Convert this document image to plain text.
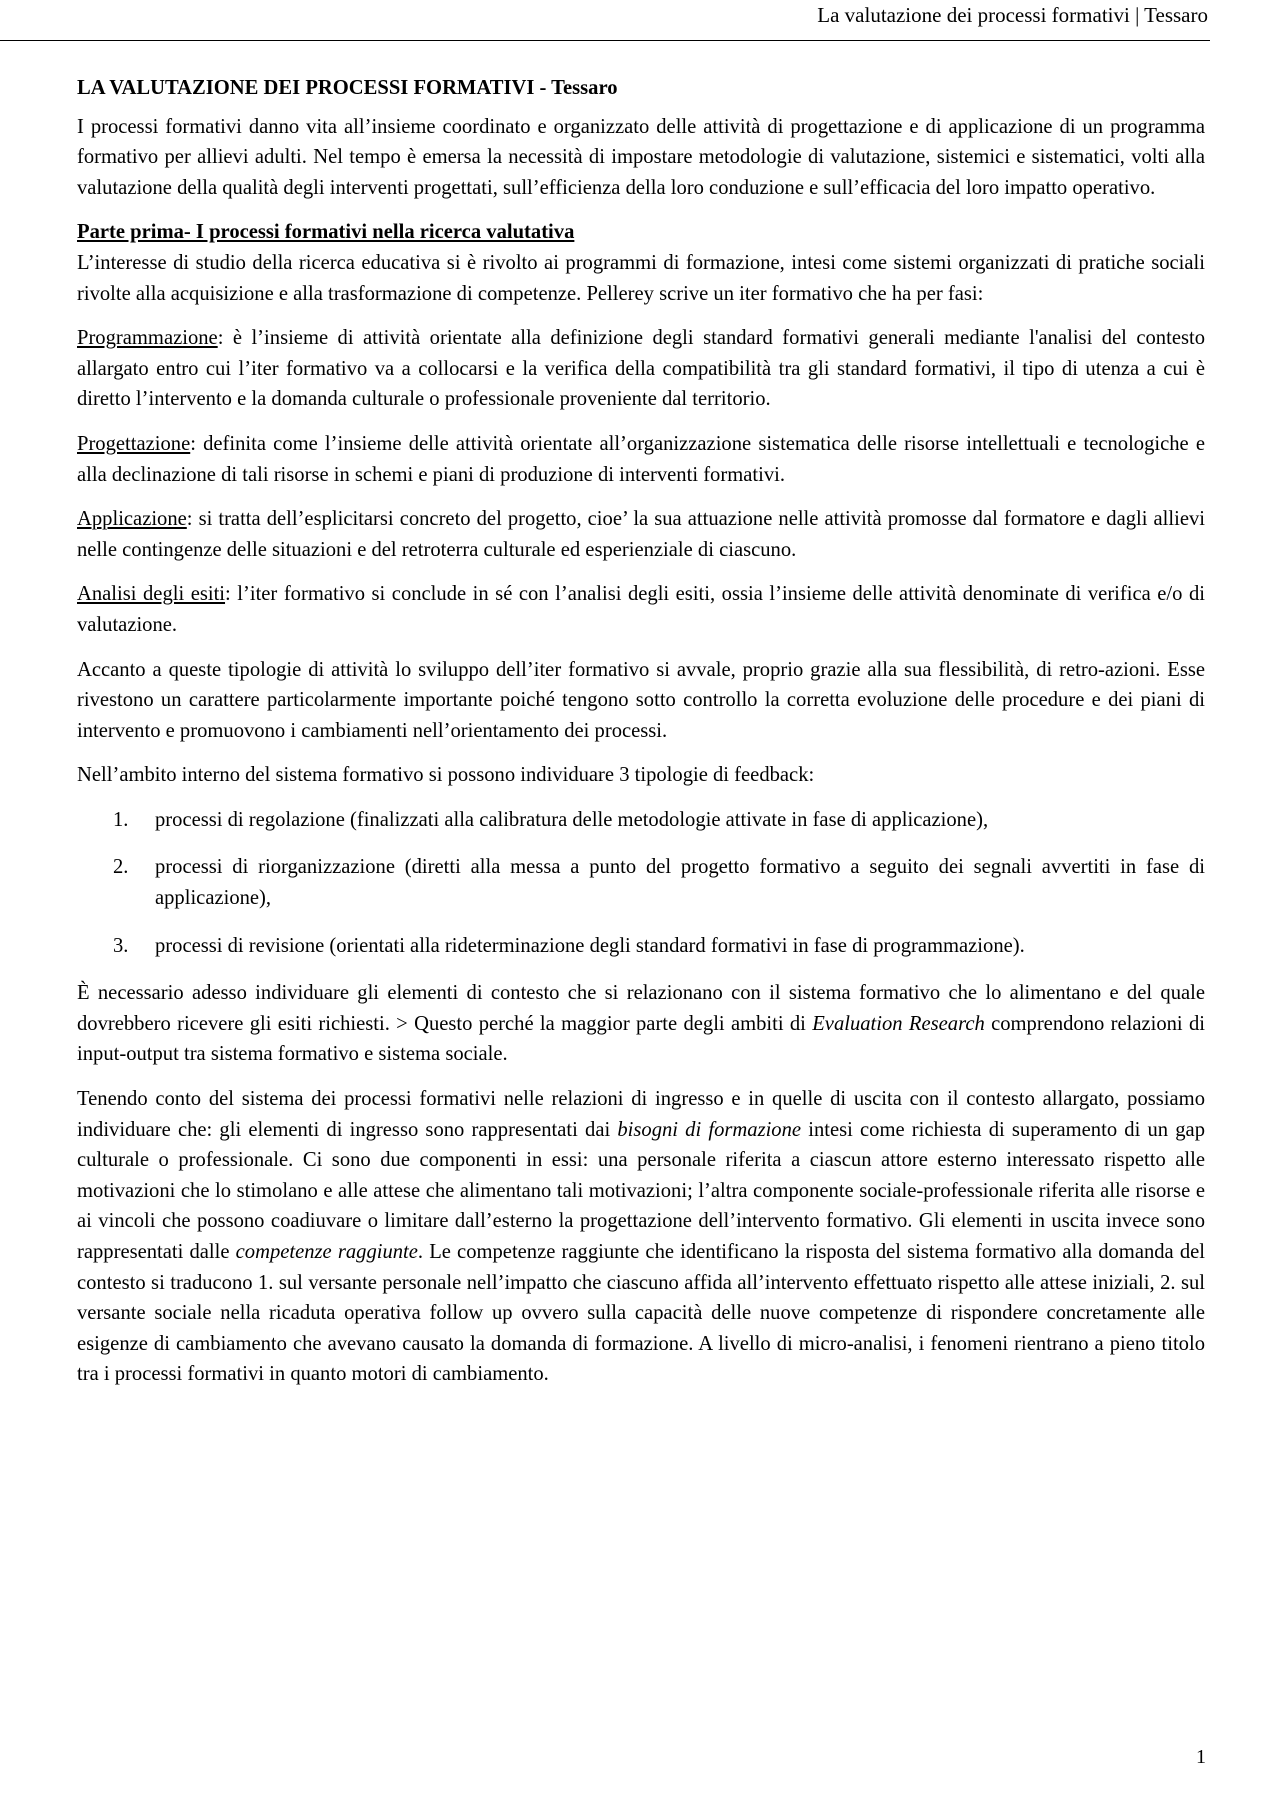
La valutazione dei processi formativi | Tessaro
LA VALUTAZIONE DEI PROCESSI FORMATIVI - Tessaro

I processi formativi danno vita all’insieme coordinato e organizzato delle attività di progettazione e di applicazione di un programma formativo per allievi adulti. Nel tempo è emersa la necessità di impostare metodologie di valutazione, sistemici e sistematici, volti alla valutazione della qualità degli interventi progettati, sull’efficienza della loro conduzione e sull’efficacia del loro impatto operativo.

Parte prima- I processi formativi nella ricerca valutativa

L’interesse di studio della ricerca educativa si è rivolto ai programmi di formazione, intesi come sistemi organizzati di pratiche sociali rivolte alla acquisizione e alla trasformazione di competenze. Pellerey scrive un iter formativo che ha per fasi:

Programmazione: è l’insieme di attività orientate alla definizione degli standard formativi generali mediante l'analisi del contesto allargato entro cui l’iter formativo va a collocarsi e la verifica della compatibilità tra gli standard formativi, il tipo di utenza a cui è diretto l’intervento e la domanda culturale o professionale proveniente dal territorio.

Progettazione: definita come l’insieme delle attività orientate all’organizzazione sistematica delle risorse intellettuali e tecnologiche e alla declinazione di tali risorse in schemi e piani di produzione di interventi formativi.

Applicazione: si tratta dell’esplicitarsi concreto del progetto, cioe’ la sua attuazione nelle attività promosse dal formatore e dagli allievi nelle contingenze delle situazioni e del retroterra culturale ed esperienziale di ciascuno.

Analisi degli esiti: l’iter formativo si conclude in sé con l’analisi degli esiti, ossia l’insieme delle attività denominate di verifica e/o di valutazione.

Accanto a queste tipologie di attività lo sviluppo dell’iter formativo si avvale, proprio grazie alla sua flessibilità, di retro-azioni. Esse rivestono un carattere particolarmente importante poiché tengono sotto controllo la corretta evoluzione delle procedure e dei piani di intervento e promuovono i cambiamenti nell’orientamento dei processi.

Nell’ambito interno del sistema formativo si possono individuare 3 tipologie di feedback:

1. processi di regolazione (finalizzati alla calibratura delle metodologie attivate in fase di applicazione),
2. processi di riorganizzazione (diretti alla messa a punto del progetto formativo a seguito dei segnali avvertiti in fase di applicazione),
3. processi di revisione (orientati alla rideterminazione degli standard formativi in fase di programmazione).

È necessario adesso individuare gli elementi di contesto che si relazionano con il sistema formativo che lo alimentano e del quale dovrebbero ricevere gli esiti richiesti. > Questo perché la maggior parte degli ambiti di Evaluation Research comprendono relazioni di input-output tra sistema formativo e sistema sociale.

Tenendo conto del sistema dei processi formativi nelle relazioni di ingresso e in quelle di uscita con il contesto allargato, possiamo individuare che: gli elementi di ingresso sono rappresentati dai bisogni di formazione intesi come richiesta di superamento di un gap culturale o professionale. Ci sono due componenti in essi: una personale riferita a ciascun attore esterno interessato rispetto alle motivazioni che lo stimolano e alle attese che alimentano tali motivazioni; l’altra componente sociale-professionale riferita alle risorse e ai vincoli che possono coadiuvare o limitare dall’esterno la progettazione dell’intervento formativo. Gli elementi in uscita invece sono rappresentati dalle competenze raggiunte. Le competenze raggiunte che identificano la risposta del sistema formativo alla domanda del contesto si traducono 1. sul versante personale nell’impatto che ciascuno affida all’intervento effettuato rispetto alle attese iniziali, 2. sul versante sociale nella ricaduta operativa follow up ovvero sulla capacità delle nuove competenze di rispondere concretamente alle esigenze di cambiamento che avevano causato la domanda di formazione. A livello di micro-analisi, i fenomeni rientrano a pieno titolo tra i processi formativi in quanto motori di cambiamento.

1
